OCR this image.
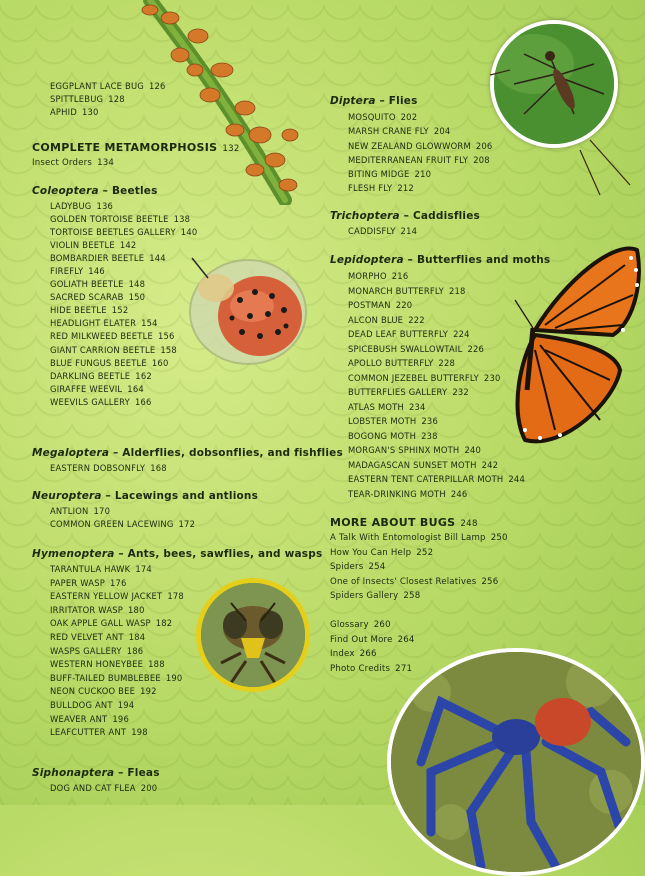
EGGPLANT LACE BUG 126
SPITTLEBUG 128
APHID 130
COMPLETE METAMORPHOSIS 132
Insect Orders 134
Coleoptera – Beetles
LADYBUG 136
GOLDEN TORTOISE BEETLE 138
TORTOISE BEETLES GALLERY 140
VIOLIN BEETLE 142
BOMBARDIER BEETLE 144
FIREFLY 146
GOLIATH BEETLE 148
SACRED SCARAB 150
HIDE BEETLE 152
HEADLIGHT ELATER 154
RED MILKWEED BEETLE 156
GIANT CARRION BEETLE 158
BLUE FUNGUS BEETLE 160
DARKLING BEETLE 162
GIRAFFE WEEVIL 164
WEEVILS GALLERY 166
Megaloptera – Alderflies, dobsonflies, and fishflies
EASTERN DOBSONFLY 168
Neuroptera – Lacewings and antlions
ANTLION 170
COMMON GREEN LACEWING 172
Hymenoptera – Ants, bees, sawflies, and wasps
TARANTULA HAWK 174
PAPER WASP 176
EASTERN YELLOW JACKET 178
IRRITATOR WASP 180
OAK APPLE GALL WASP 182
RED VELVET ANT 184
WASPS GALLERY 186
WESTERN HONEYBEE 188
BUFF-TAILED BUMBLEBEE 190
NEON CUCKOO BEE 192
BULLDOG ANT 194
WEAVER ANT 196
LEAFCUTTER ANT 198
Siphonaptera – Fleas
DOG AND CAT FLEA 200
Diptera – Flies
MOSQUITO 202
MARSH CRANE FLY 204
NEW ZEALAND GLOWWORM 206
MEDITERRANEAN FRUIT FLY 208
BITING MIDGE 210
FLESH FLY 212
Trichoptera – Caddisflies
CADDISFLY 214
Lepidoptera – Butterflies and moths
MORPHO 216
MONARCH BUTTERFLY 218
POSTMAN 220
ALCON BLUE 222
DEAD LEAF BUTTERFLY 224
SPICEBUSH SWALLOWTAIL 226
APOLLO BUTTERFLY 228
COMMON JEZEBEL BUTTERFLY 230
BUTTERFLIES GALLERY 232
ATLAS MOTH 234
LOBSTER MOTH 236
BOGONG MOTH 238
MORGAN'S SPHINX MOTH 240
MADAGASCAN SUNSET MOTH 242
EASTERN TENT CATERPILLAR MOTH 244
TEAR-DRINKING MOTH 246
MORE ABOUT BUGS 248
A Talk With Entomologist Bill Lamp 250
How You Can Help 252
Spiders 254
One of Insects' Closest Relatives 256
Spiders Gallery 258
Glossary 260
Find Out More 264
Index 266
Photo Credits 271
